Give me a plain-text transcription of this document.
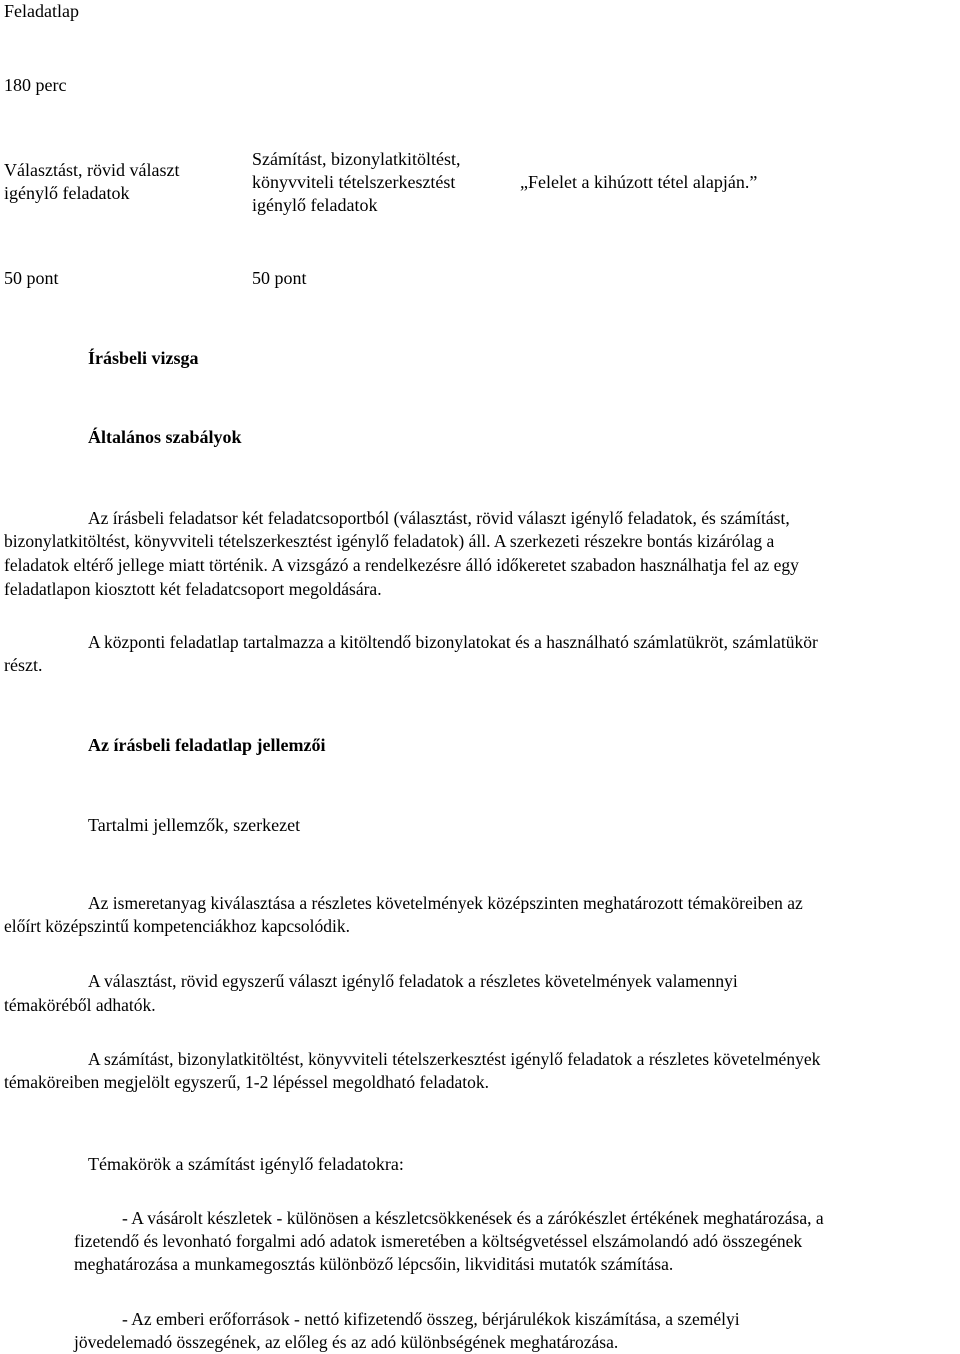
Feladatlap
180 perc
Választást, rövid választ
igénylő feladatok
Számítást, bizonylatkitöltést,
könyvviteli tételszerkesztést
igénylő feladatok
„Felelet a kihúzott tétel alapján.”
50 pont	50 pont
Írásbeli vizsga
Általános szabályok
Az írásbeli feladatsor két feladatcsoportból (választást, rövid választ igénylő feladatok, és számítást,
bizonylatkitöltést, könyvviteli tételszerkesztést igénylő feladatok) áll. A szerkezeti részekre bontás kizárólag a
feladatok eltérő jellege miatt történik. A vizsgázó a rendelkezésre álló időkeretet szabadon használhatja fel az egy
feladatlapon kiosztott két feladatcsoport megoldására.
A központi feladatlap tartalmazza a kitöltendő bizonylatokat és a használható számlatükröt, számlatükör
részt.
Az írásbeli feladatlap jellemzői
Tartalmi jellemzők, szerkezet
Az ismeretanyag kiválasztása a részletes követelmények középszinten meghatározott témaköreiben az
előírt középszintű kompetenciákhoz kapcsolódik.
A választást, rövid egyszerű választ igénylő feladatok a részletes követelmények valamennyi
témaköréből adhatók.
A számítást, bizonylatkitöltést, könyvviteli tételszerkesztést igénylő feladatok a részletes követelmények
témaköreiben megjelölt egyszerű, 1-2 lépéssel megoldható feladatok.
Témakörök a számítást igénylő feladatokra:
- A vásárolt készletek - különösen a készletcsökkenések és a zárókészlet értékének meghatározása, a
fizetendő és levonható forgalmi adó adatok ismeretében a költségvetéssel elszámolandó adó összegének
meghatározása a munkamegosztás különböző lépcsőin, likviditási mutatók számítása.
- Az emberi erőforrások - nettó kifizetendő összeg, bérjárulékok kiszámítása, a személyi
jövedelemadó összegének, az előleg és az adó különbségének meghatározása.
